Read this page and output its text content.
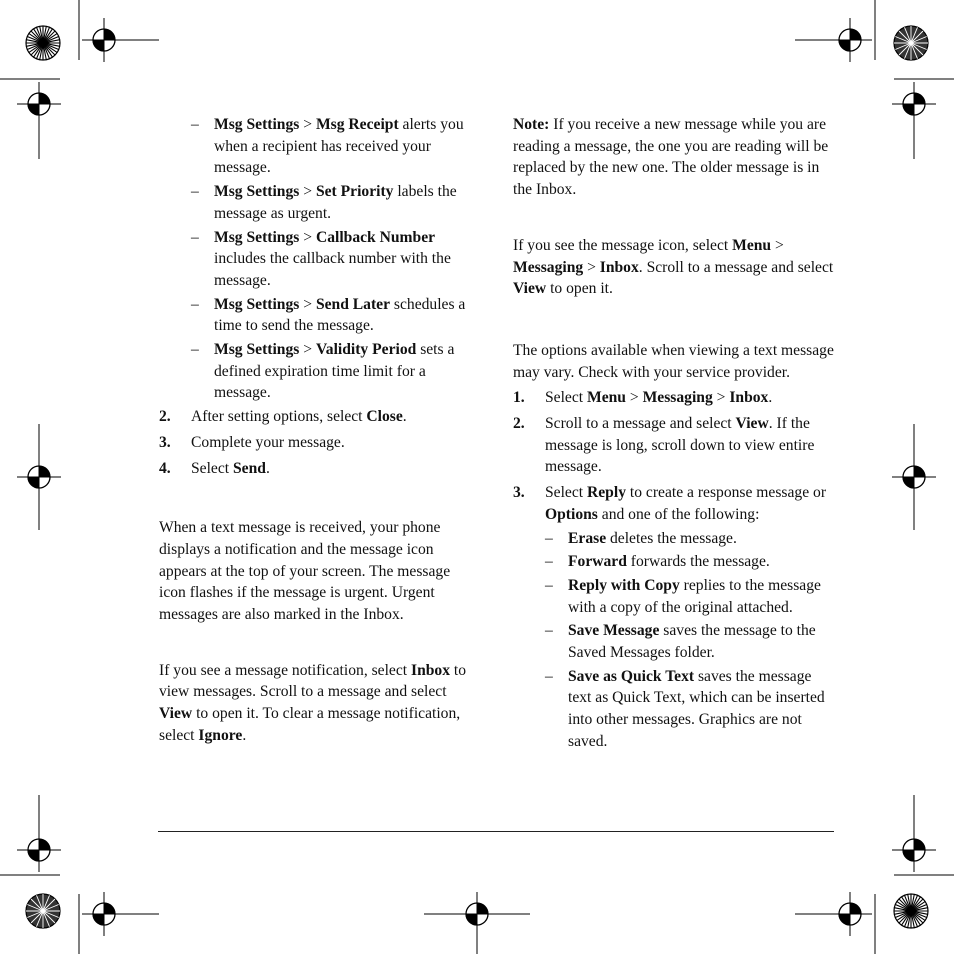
– Msg Settings > Msg Receipt alerts you when a recipient has received your message.
– Msg Settings > Set Priority labels the message as urgent.
– Msg Settings > Callback Number includes the callback number with the message.
– Msg Settings > Send Later schedules a time to send the message.
– Msg Settings > Validity Period sets a defined expiration time limit for a message.
2. After setting options, select Close.
3. Complete your message.
4. Select Send.

When a text message is received, your phone displays a notification and the message icon appears at the top of your screen. The message icon flashes if the message is urgent. Urgent messages are also marked in the Inbox.

If you see a message notification, select Inbox to view messages. Scroll to a message and select View to open it. To clear a message notification, select Ignore.

Note: If you receive a new message while you are reading a message, the one you are reading will be replaced by the new one. The older message is in the Inbox.

If you see the message icon, select Menu > Messaging > Inbox. Scroll to a message and select View to open it.

The options available when viewing a text message may vary. Check with your service provider.

1. Select Menu > Messaging > Inbox.
2. Scroll to a message and select View. If the message is long, scroll down to view entire message.
3. Select Reply to create a response message or Options and one of the following:
– Erase deletes the message.
– Forward forwards the message.
– Reply with Copy replies to the message with a copy of the original attached.
– Save Message saves the message to the Saved Messages folder.
– Save as Quick Text saves the message text as Quick Text, which can be inserted into other messages. Graphics are not saved.
